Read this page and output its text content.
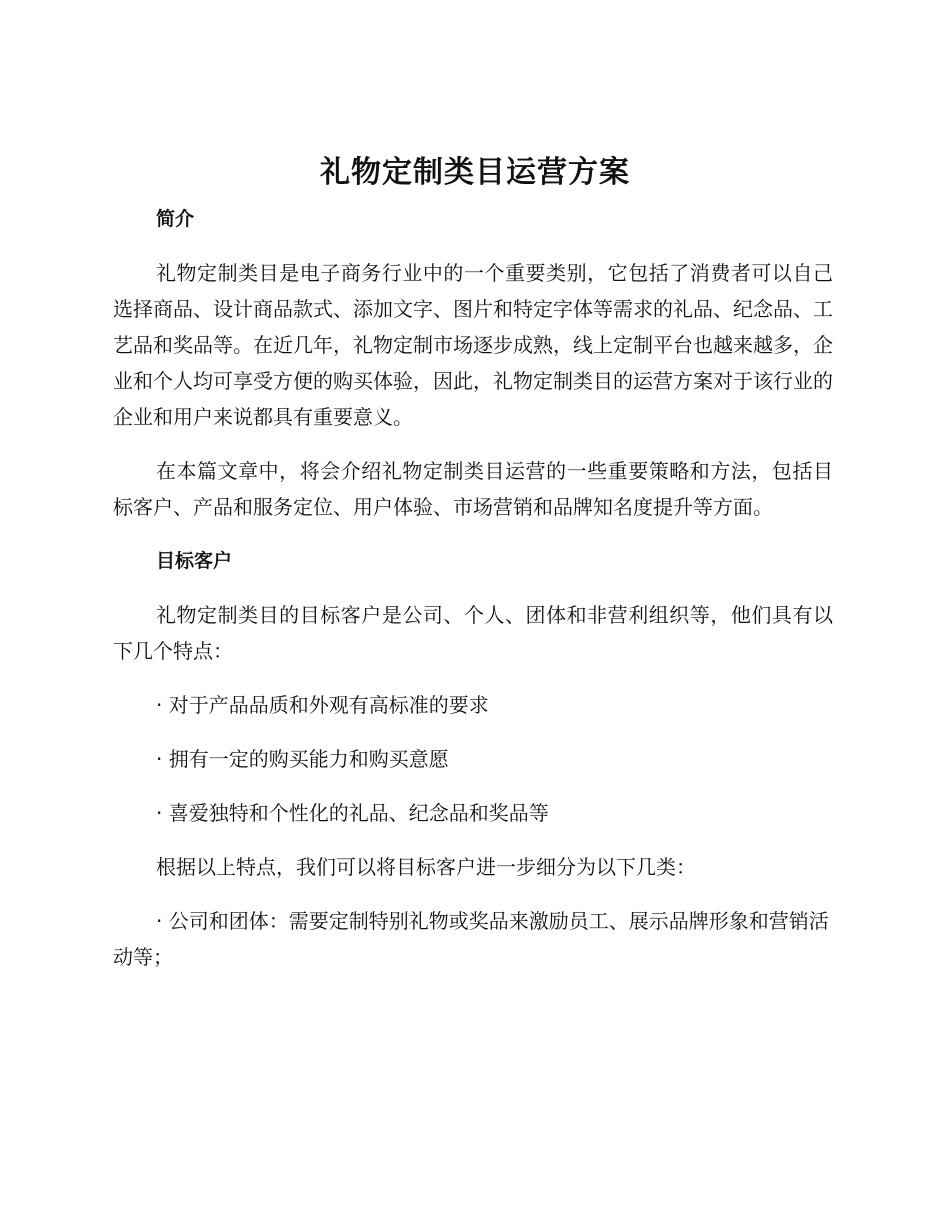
礼物定制类目运营方案

简介

礼物定制类目是电子商务行业中的一个重要类别，它包括了消费者可以自己选择商品、设计商品款式、添加文字、图片和特定字体等需求的礼品、纪念品、工艺品和奖品等。在近几年，礼物定制市场逐步成熟，线上定制平台也越来越多，企业和个人均可享受方便的购买体验，因此，礼物定制类目的运营方案对于该行业的企业和用户来说都具有重要意义。

在本篇文章中，将会介绍礼物定制类目运营的一些重要策略和方法，包括目标客户、产品和服务定位、用户体验、市场营销和品牌知名度提升等方面。

目标客户

礼物定制类目的目标客户是公司、个人、团体和非营利组织等，他们具有以下几个特点：

· 对于产品品质和外观有高标准的要求

· 拥有一定的购买能力和购买意愿

· 喜爱独特和个性化的礼品、纪念品和奖品等

根据以上特点，我们可以将目标客户进一步细分为以下几类：

· 公司和团体：需要定制特别礼物或奖品来激励员工、展示品牌形象和营销活动等；
